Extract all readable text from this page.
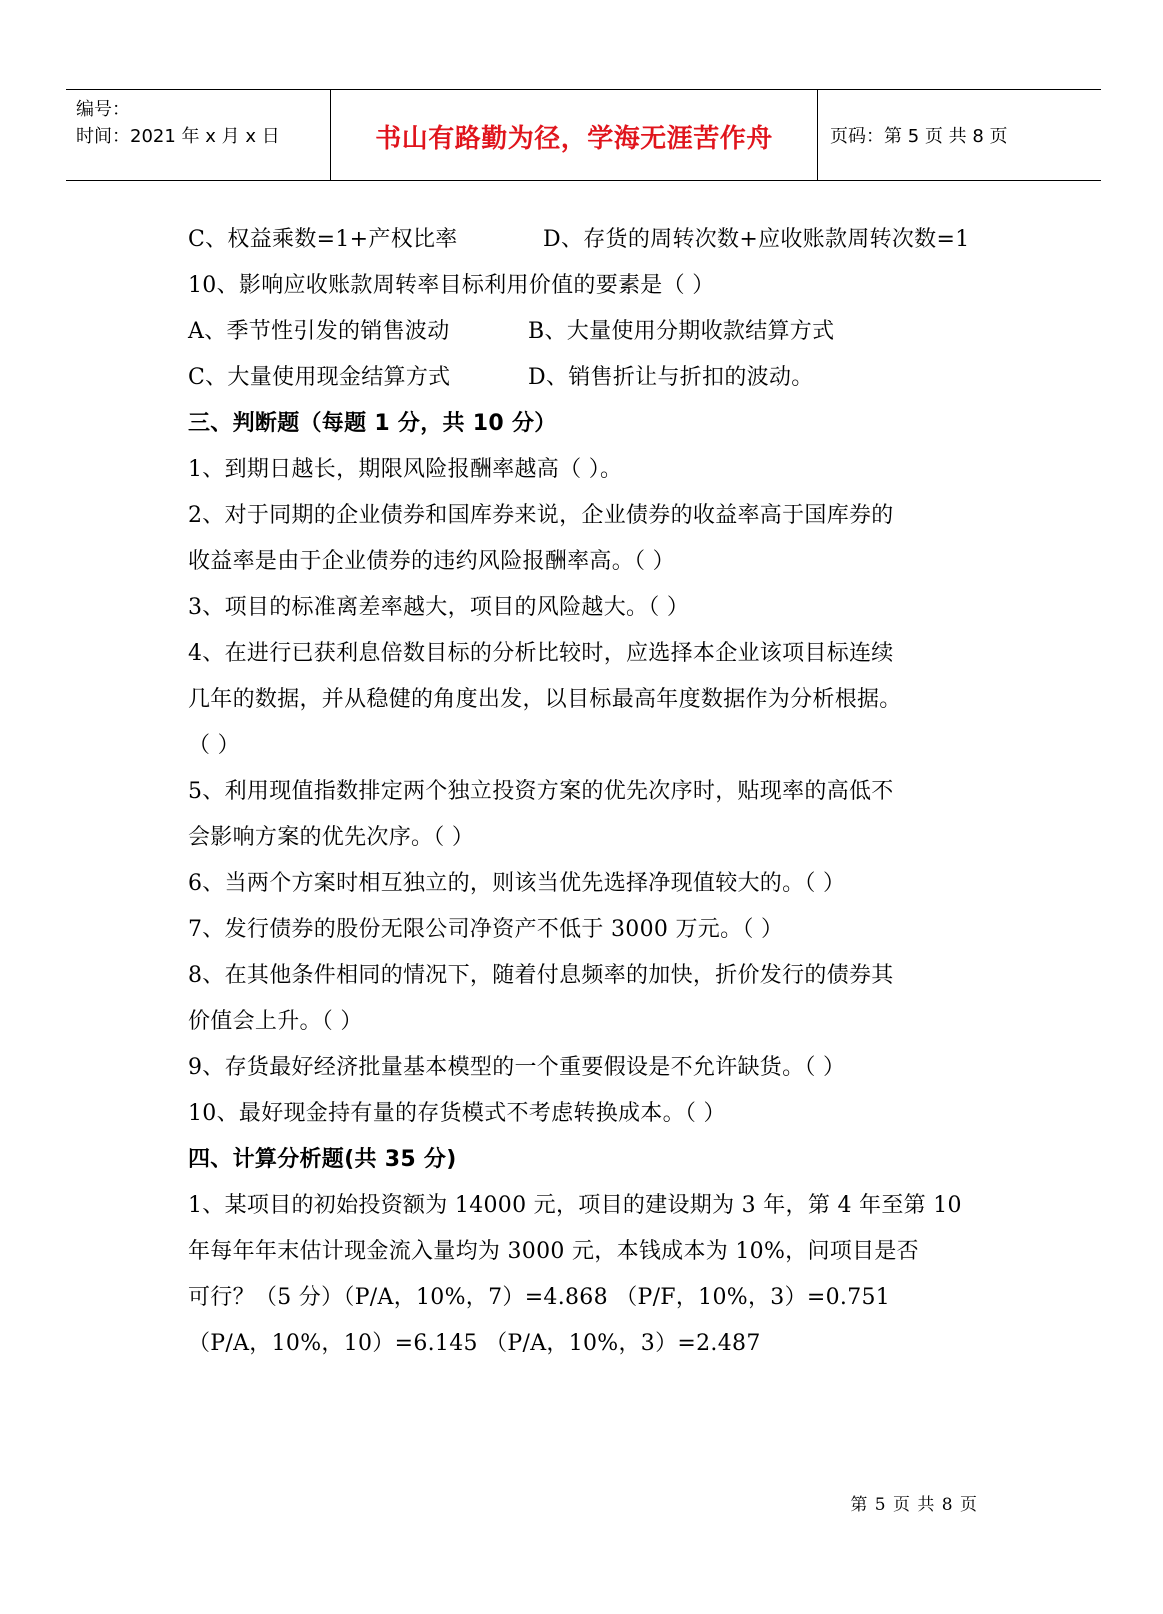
编号：
时间：2021 年 x 月 x 日	书山有路勤为径，学海无涯苦作舟	页码：第 5 页 共 8 页
C、权益乘数=1+产权比率	D、存货的周转次数+应收账款周转次数=1
10、影响应收账款周转率目标利用价值的要素是（ ）
A、季节性引发的销售波动	B、大量使用分期收款结算方式
C、大量使用现金结算方式	D、销售折让与折扣的波动。
三、判断题（每题 1 分，共 10 分）
1、到期日越长，期限风险报酬率越高（ ）。
2、对于同期的企业债券和国库券来说，企业债券的收益率高于国库券的
收益率是由于企业债券的违约风险报酬率高。（ ）
3、项目的标准离差率越大，项目的风险越大。（ ）
4、在进行已获利息倍数目标的分析比较时，应选择本企业该项目标连续
几年的数据，并从稳健的角度出发，以目标最高年度数据作为分析根据。
（ ）
5、利用现值指数排定两个独立投资方案的优先次序时，贴现率的高低不
会影响方案的优先次序。（ ）
6、当两个方案时相互独立的，则该当优先选择净现值较大的。（ ）
7、发行债券的股份无限公司净资产不低于 3000 万元。（ ）
8、在其他条件相同的情况下，随着付息频率的加快，折价发行的债券其
价值会上升。（ ）
9、存货最好经济批量基本模型的一个重要假设是不允许缺货。（ ）
10、最好现金持有量的存货模式不考虑转换成本。（ ）
四、计算分析题(共 35 分)
1、某项目的初始投资额为 14000 元，项目的建设期为 3 年，第 4 年至第 10
年每年年末估计现金流入量均为 3000 元，本钱成本为 10%，问项目是否
可行？（5 分）（P/A，10%，7）=4.868 （P/F，10%，3）=0.751
（P/A，10%，10）=6.145 （P/A，10%，3）=2.487
第 5 页 共 8 页
